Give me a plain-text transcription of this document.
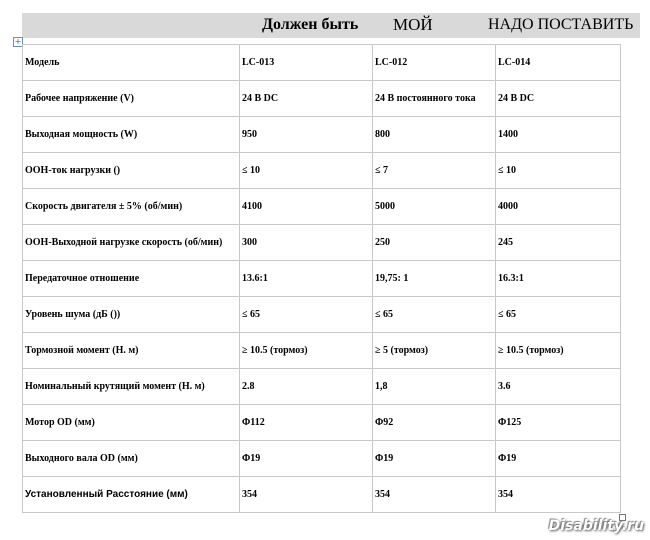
Должен быть МОЙ	НАДО ПОСТАВИТЬ
+
Модель	LC-013	LC-012	LC-014
Рабочее напряжение (V)	24 В DC	24 В постоянного тока	24 В DC
Выходная мощность (W)	950	800	1400
ООН-ток нагрузки ()	≤ 10	≤ 7	≤ 10
Скорость двигателя ± 5% (об/мин)	4100	5000	4000
ООН-Выходной нагрузке скорость (об/мин)	300	250	245
Передаточное отношение	13.6:1	19,75: 1	16.3:1
Уровень шума (дБ ())	≤ 65	≤ 65	≤ 65
Тормозной момент (Н. м)	≥ 10.5 (тормоз)	≥ 5 (тормоз)	≥ 10.5 (тормоз)
Номинальный крутящий момент (Н. м)	2.8	1,8	3.6
Мотор OD (мм)	Φ112	Φ92	Φ125
Выходного вала OD (мм)	Φ19	Φ19	Φ19
Установленный Расстояние (мм)	354	354	354
Disability.ru
